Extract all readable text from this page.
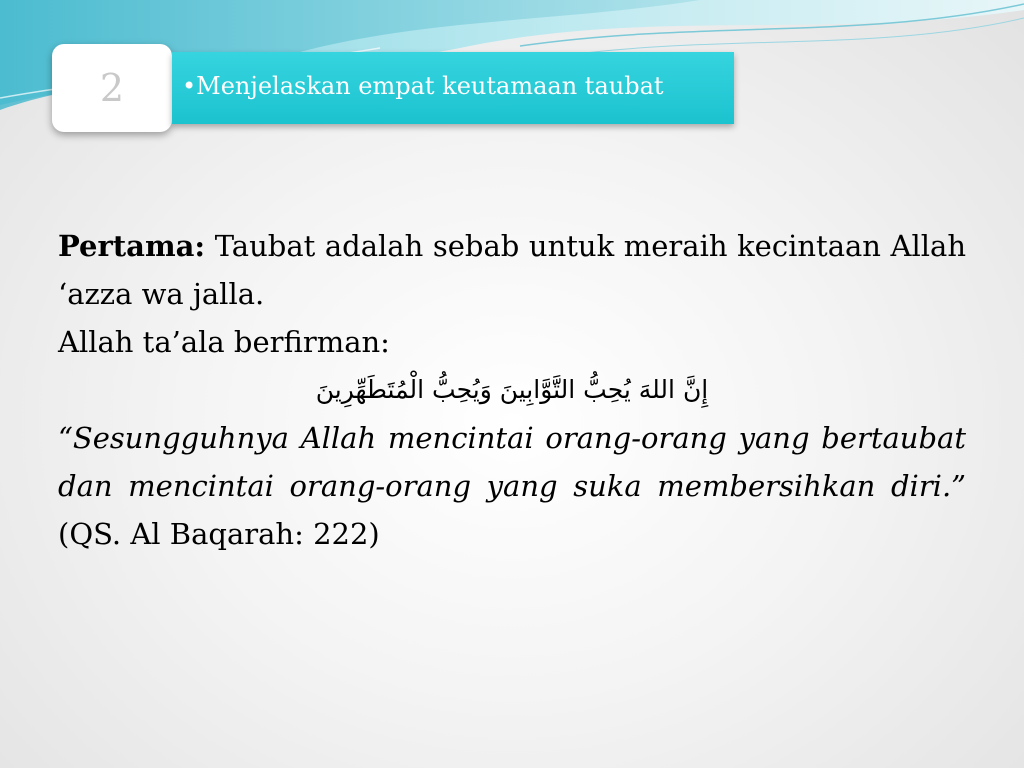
2	•Menjelaskan empat keutamaan taubat

Pertama: Taubat adalah sebab untuk meraih kecintaan Allah ‘azza wa jalla.

Allah ta’ala berfirman:

إِنَّ اللهَ يُحِبُّ التَّوَّابِينَ وَيُحِبُّ الْمُتَطَهِّرِينَ

“Sesungguhnya Allah mencintai orang-orang yang bertaubat dan mencintai orang-orang yang suka membersihkan diri.” (QS. Al Baqarah: 222)
